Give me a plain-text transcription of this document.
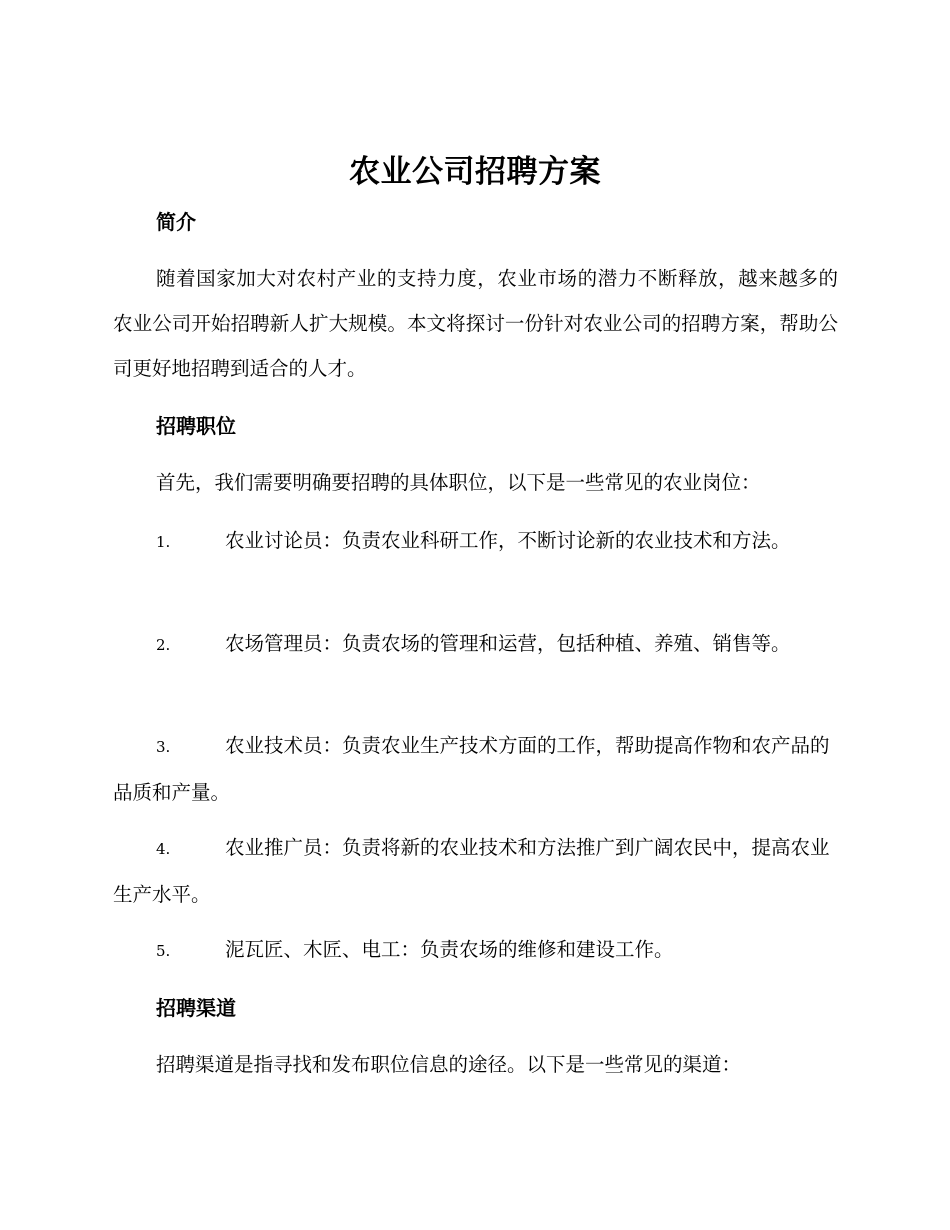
农业公司招聘方案
简介

随着国家加大对农村产业的支持力度，农业市场的潜力不断释放，越来越多的农业公司开始招聘新人扩大规模。本文将探讨一份针对农业公司的招聘方案，帮助公司更好地招聘到适合的人才。

招聘职位

首先，我们需要明确要招聘的具体职位，以下是一些常见的农业岗位：

1.	农业讨论员：负责农业科研工作，不断讨论新的农业技术和方法。

2.	农场管理员：负责农场的管理和运营，包括种植、养殖、销售等。

3.	农业技术员：负责农业生产技术方面的工作，帮助提高作物和农产品的品质和产量。

4.	农业推广员：负责将新的农业技术和方法推广到广阔农民中，提高农业生产水平。

5.	泥瓦匠、木匠、电工：负责农场的维修和建设工作。

招聘渠道

招聘渠道是指寻找和发布职位信息的途径。以下是一些常见的渠道：
